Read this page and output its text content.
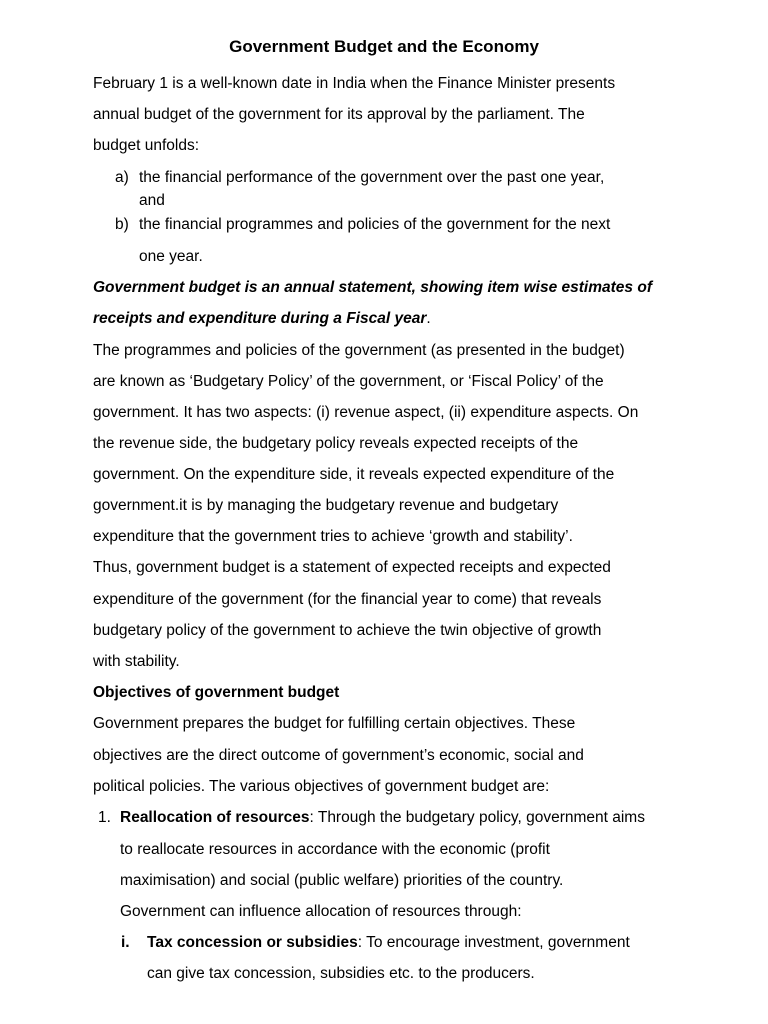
Government Budget and the Economy
February 1 is a well-known date in India when the Finance Minister presents
annual budget of the government for its approval by the parliament. The
budget unfolds:
a) the financial performance of the government over the past one year,
and
b) the financial programmes and policies of the government for the next
one year.
Government budget is an annual statement, showing item wise estimates of
receipts and expenditure during a Fiscal year.
The programmes and policies of the government (as presented in the budget)
are known as ‘Budgetary Policy’ of the government, or ‘Fiscal Policy’ of the
government. It has two aspects: (i) revenue aspect, (ii) expenditure aspects. On
the revenue side, the budgetary policy reveals expected receipts of the
government. On the expenditure side, it reveals expected expenditure of the
government.it is by managing the budgetary revenue and budgetary
expenditure that the government tries to achieve ‘growth and stability’.
Thus, government budget is a statement of expected receipts and expected
expenditure of the government (for the financial year to come) that reveals
budgetary policy of the government to achieve the twin objective of growth
with stability.
Objectives of government budget
Government prepares the budget for fulfilling certain objectives. These
objectives are the direct outcome of government’s economic, social and
political policies. The various objectives of government budget are:
1. Reallocation of resources: Through the budgetary policy, government aims
to reallocate resources in accordance with the economic (profit
maximisation) and social (public welfare) priorities of the country.
Government can influence allocation of resources through:
i. Tax concession or subsidies: To encourage investment, government
can give tax concession, subsidies etc. to the producers.
